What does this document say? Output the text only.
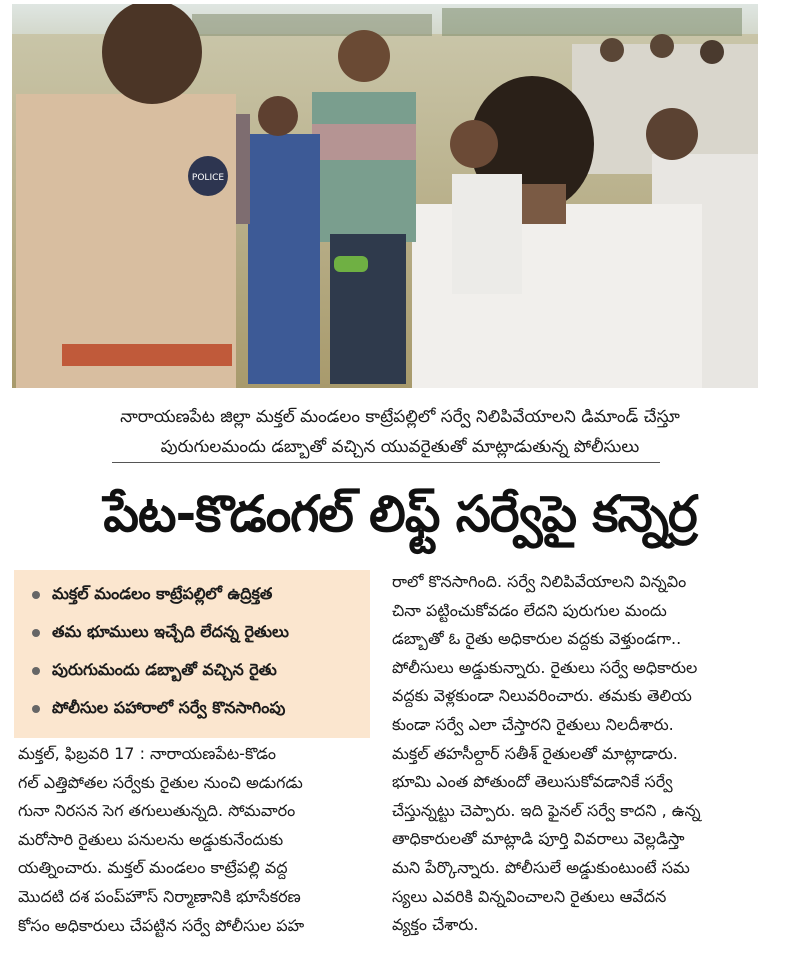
POLICE
నారాయణపేట జిల్లా మక్తల్ మండలం కాట్రేపల్లిలో సర్వే నిలిపివేయాలని డిమాండ్ చేస్తూ
పురుగులమందు డబ్బాతో వచ్చిన యువరైతుతో మాట్లాడుతున్న పోలీసులు
పేట-కొడంగల్ లిఫ్ట్ సర్వేపై కన్నెర్ర
మక్తల్ మండలం కాట్రేపల్లిలో ఉద్రిక్తత
తమ భూములు ఇచ్చేది లేదన్న రైతులు
పురుగుమందు డబ్బాతో వచ్చిన రైతు
పోలీసుల పహారాలో సర్వే కొనసాగింపు
మక్తల్, ఫిబ్రవరి 17 : నారాయణపేట-కొడం
గల్ ఎత్తిపోతల సర్వేకు రైతుల నుంచి అడుగడు
గునా నిరసన సెగ తగులుతున్నది. సోమవారం
మరోసారి రైతులు పనులను అడ్డుకునేందుకు
యత్నించారు. మక్తల్ మండలం కాట్రేపల్లి వద్ద
మొదటి దశ పంప్‌హౌస్ నిర్మాణానికి భూసేకరణ
కోసం అధికారులు చేపట్టిన సర్వే పోలీసుల పహ
రాలో కొనసాగింది. సర్వే నిలిపివేయాలని విన్నవిం
చినా పట్టించుకోవడం లేదని పురుగుల మందు
డబ్బాతో ఓ రైతు అధికారుల వద్దకు వెళ్తుండగా..
పోలీసులు అడ్డుకున్నారు. రైతులు సర్వే అధికారుల
వద్దకు వెళ్లకుండా నిలువరించారు. తమకు తెలియ
కుండా సర్వే ఎలా చేస్తారని రైతులు నిలదీశారు.
మక్తల్ తహసీల్దార్ సతీశ్ రైతులతో మాట్లాడారు.
భూమి ఎంత పోతుందో తెలుసుకోవడానికే సర్వే
చేస్తున్నట్టు చెప్పారు. ఇది ఫైనల్ సర్వే కాదని , ఉన్న
తాధికారులతో మాట్లాడి పూర్తి వివరాలు వెల్లడిస్తా
మని పేర్కొన్నారు. పోలీసులే అడ్డుకుంటుంటే సమ
స్యలు ఎవరికి విన్నవించాలని రైతులు ఆవేదన
వ్యక్తం చేశారు.
